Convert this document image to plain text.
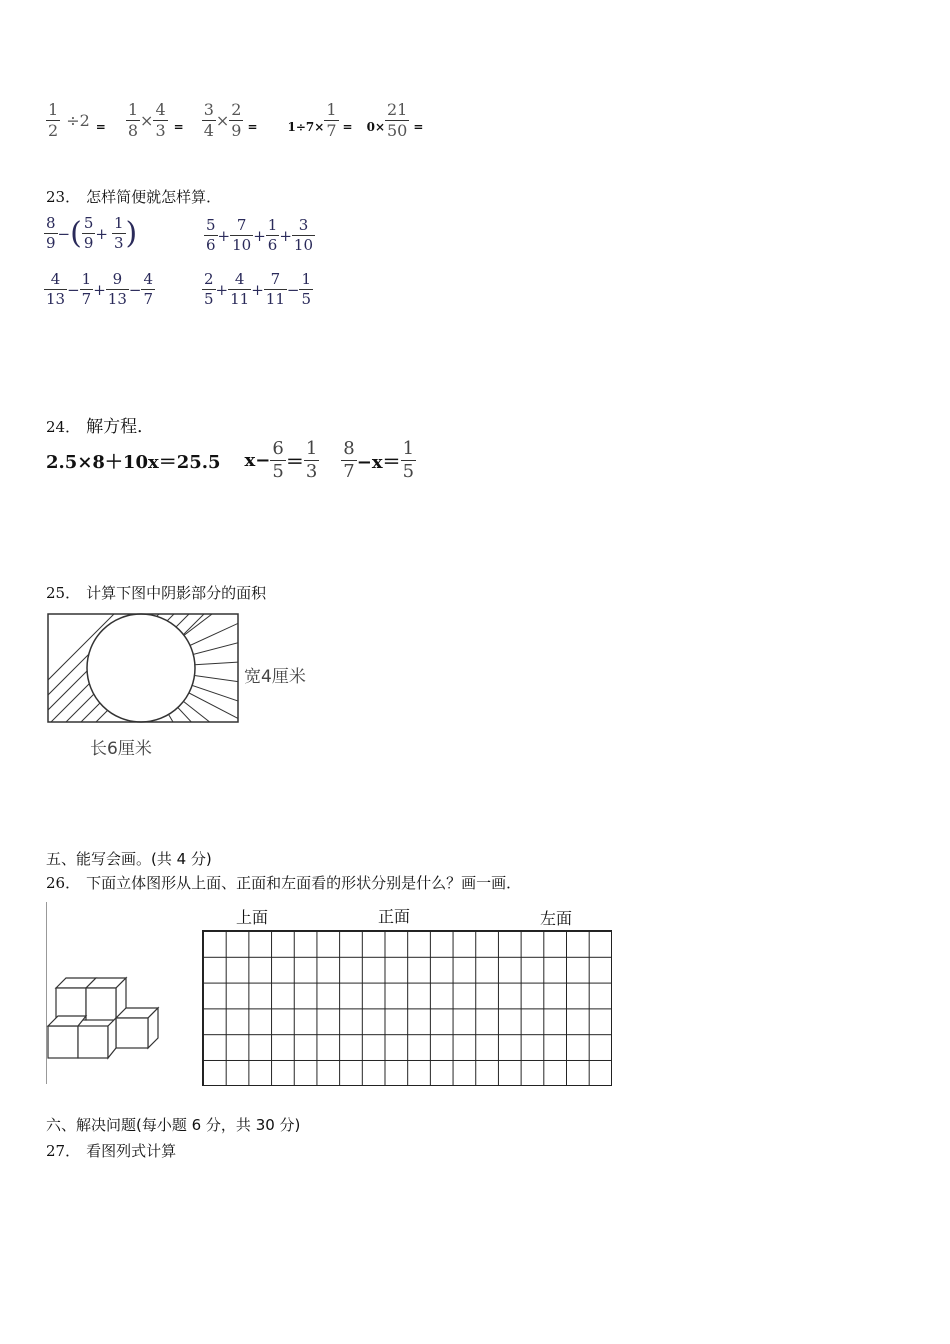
$\frac{1}{2} \div 2 = \frac{1}{8} \times \frac{4}{3} = \frac{3}{4} \times \frac{2}{9}$ =	$1\div 7\times \frac{1}{7} = 0\times \frac{21}{50}$ =
23． 怎样简便就怎样算．
$\frac{8}{9}$ − ( $\frac{5}{9} + \frac{1}{3}$ )	$\frac{5}{6} + \frac{7}{10} + \frac{1}{6} + \frac{3}{10}$
$\frac{4}{13} - \frac{1}{7} + \frac{9}{13} - \frac{4}{7}$	$\frac{2}{5} + \frac{4}{11} + \frac{7}{11} - \frac{1}{5}$
24． 解方程．
2.5×8＋10x＝25.5 $x - \frac{6}{5} = \frac{1}{3} \frac{8}{7} -x= \frac{1}{5}$
25． 计算下图中阴影部分的面积
宽4厘米
长6厘米
五、能写会画。(共 4 分)
26． 下面立体图形从上面、正面和左面看的形状分别是什么？画一画．
上面	正面	左面
六、解决问题(每小题 6 分，共 30 分)
27． 看图列式计算
